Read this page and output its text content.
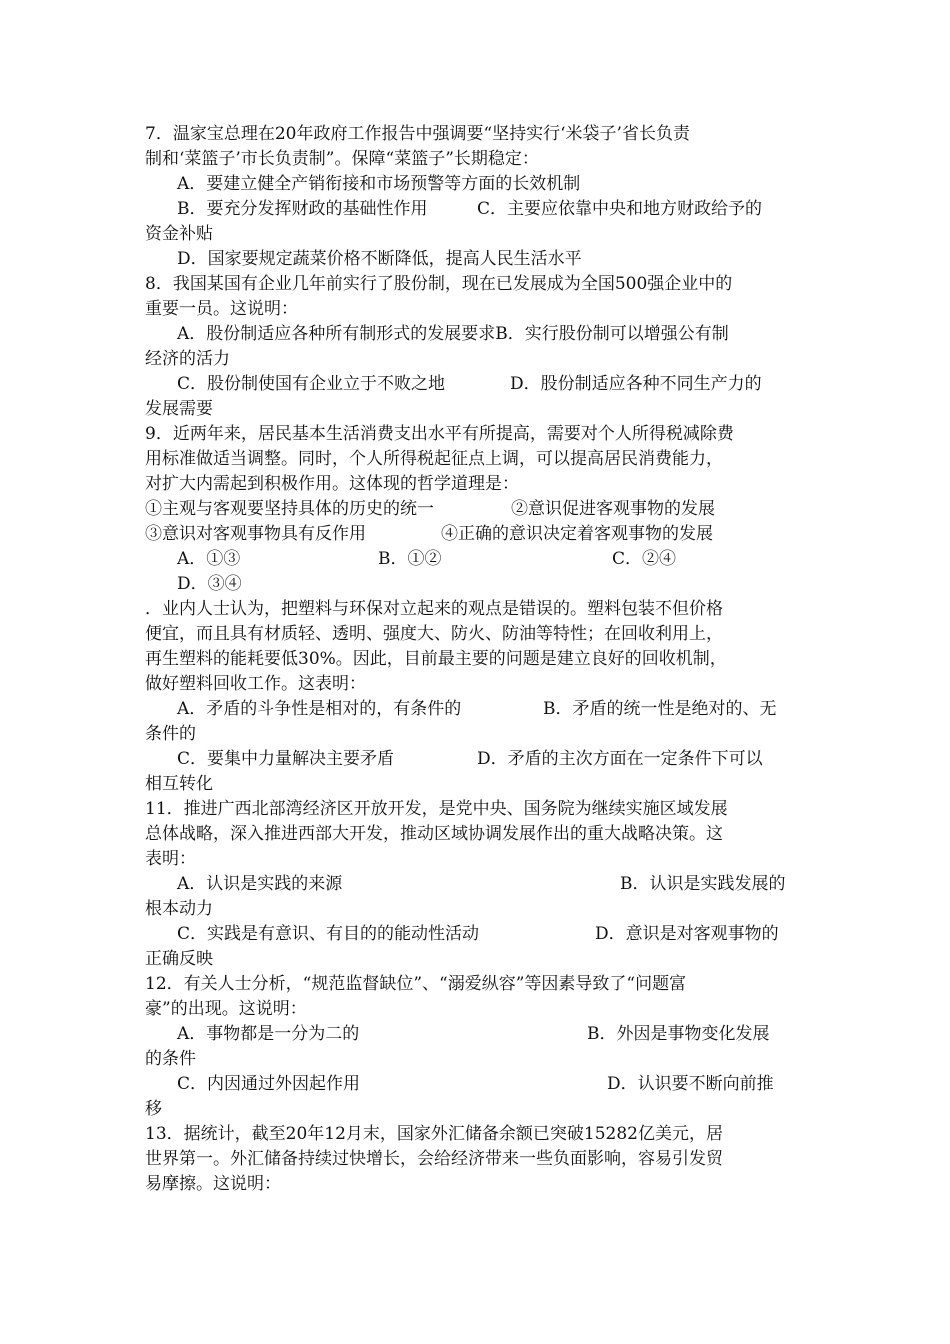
7．温家宝总理在20年政府工作报告中强调要“坚持实行‘米袋子’省长负责
制和‘菜篮子’市长负责制”。保障“菜篮子”长期稳定：
A．要建立健全产销衔接和市场预警等方面的长效机制
B．要充分发挥财政的基础性作用	C．主要应依靠中央和地方财政给予的
资金补贴
D．国家要规定蔬菜价格不断降低，提高人民生活水平
8．我国某国有企业几年前实行了股份制，现在已发展成为全国500强企业中的
重要一员。这说明：
A．股份制适应各种所有制形式的发展要求B．实行股份制可以增强公有制
经济的活力
C．股份制使国有企业立于不败之地	D．股份制适应各种不同生产力的
发展需要
9．近两年来，居民基本生活消费支出水平有所提高，需要对个人所得税减除费
用标准做适当调整。同时，个人所得税起征点上调，可以提高居民消费能力，
对扩大内需起到积极作用。这体现的哲学道理是：
①主观与客观要坚持具体的历史的统一	②意识促进客观事物的发展
③意识对客观事物具有反作用	④正确的意识决定着客观事物的发展
A．①③	B．①②	C．②④
D．③④
．业内人士认为，把塑料与环保对立起来的观点是错误的。塑料包装不但价格
便宜，而且具有材质轻、透明、强度大、防火、防油等特性；在回收利用上，
再生塑料的能耗要低30%。因此，目前最主要的问题是建立良好的回收机制，
做好塑料回收工作。这表明：
A．矛盾的斗争性是相对的，有条件的	B．矛盾的统一性是绝对的、无
条件的
C．要集中力量解决主要矛盾	D．矛盾的主次方面在一定条件下可以
相互转化
11．推进广西北部湾经济区开放开发，是党中央、国务院为继续实施区域发展
总体战略，深入推进西部大开发，推动区域协调发展作出的重大战略决策。这
表明：
A．认识是实践的来源	B．认识是实践发展的
根本动力
C．实践是有意识、有目的的能动性活动	D．意识是对客观事物的
正确反映
12．有关人士分析，“规范监督缺位”、“溺爱纵容”等因素导致了“问题富
豪”的出现。这说明：
A．事物都是一分为二的	B．外因是事物变化发展
的条件
C．内因通过外因起作用	D．认识要不断向前推
移
13．据统计，截至20年12月末，国家外汇储备余额已突破15282亿美元，居
世界第一。外汇储备持续过快增长，会给经济带来一些负面影响，容易引发贸
易摩擦。这说明：
